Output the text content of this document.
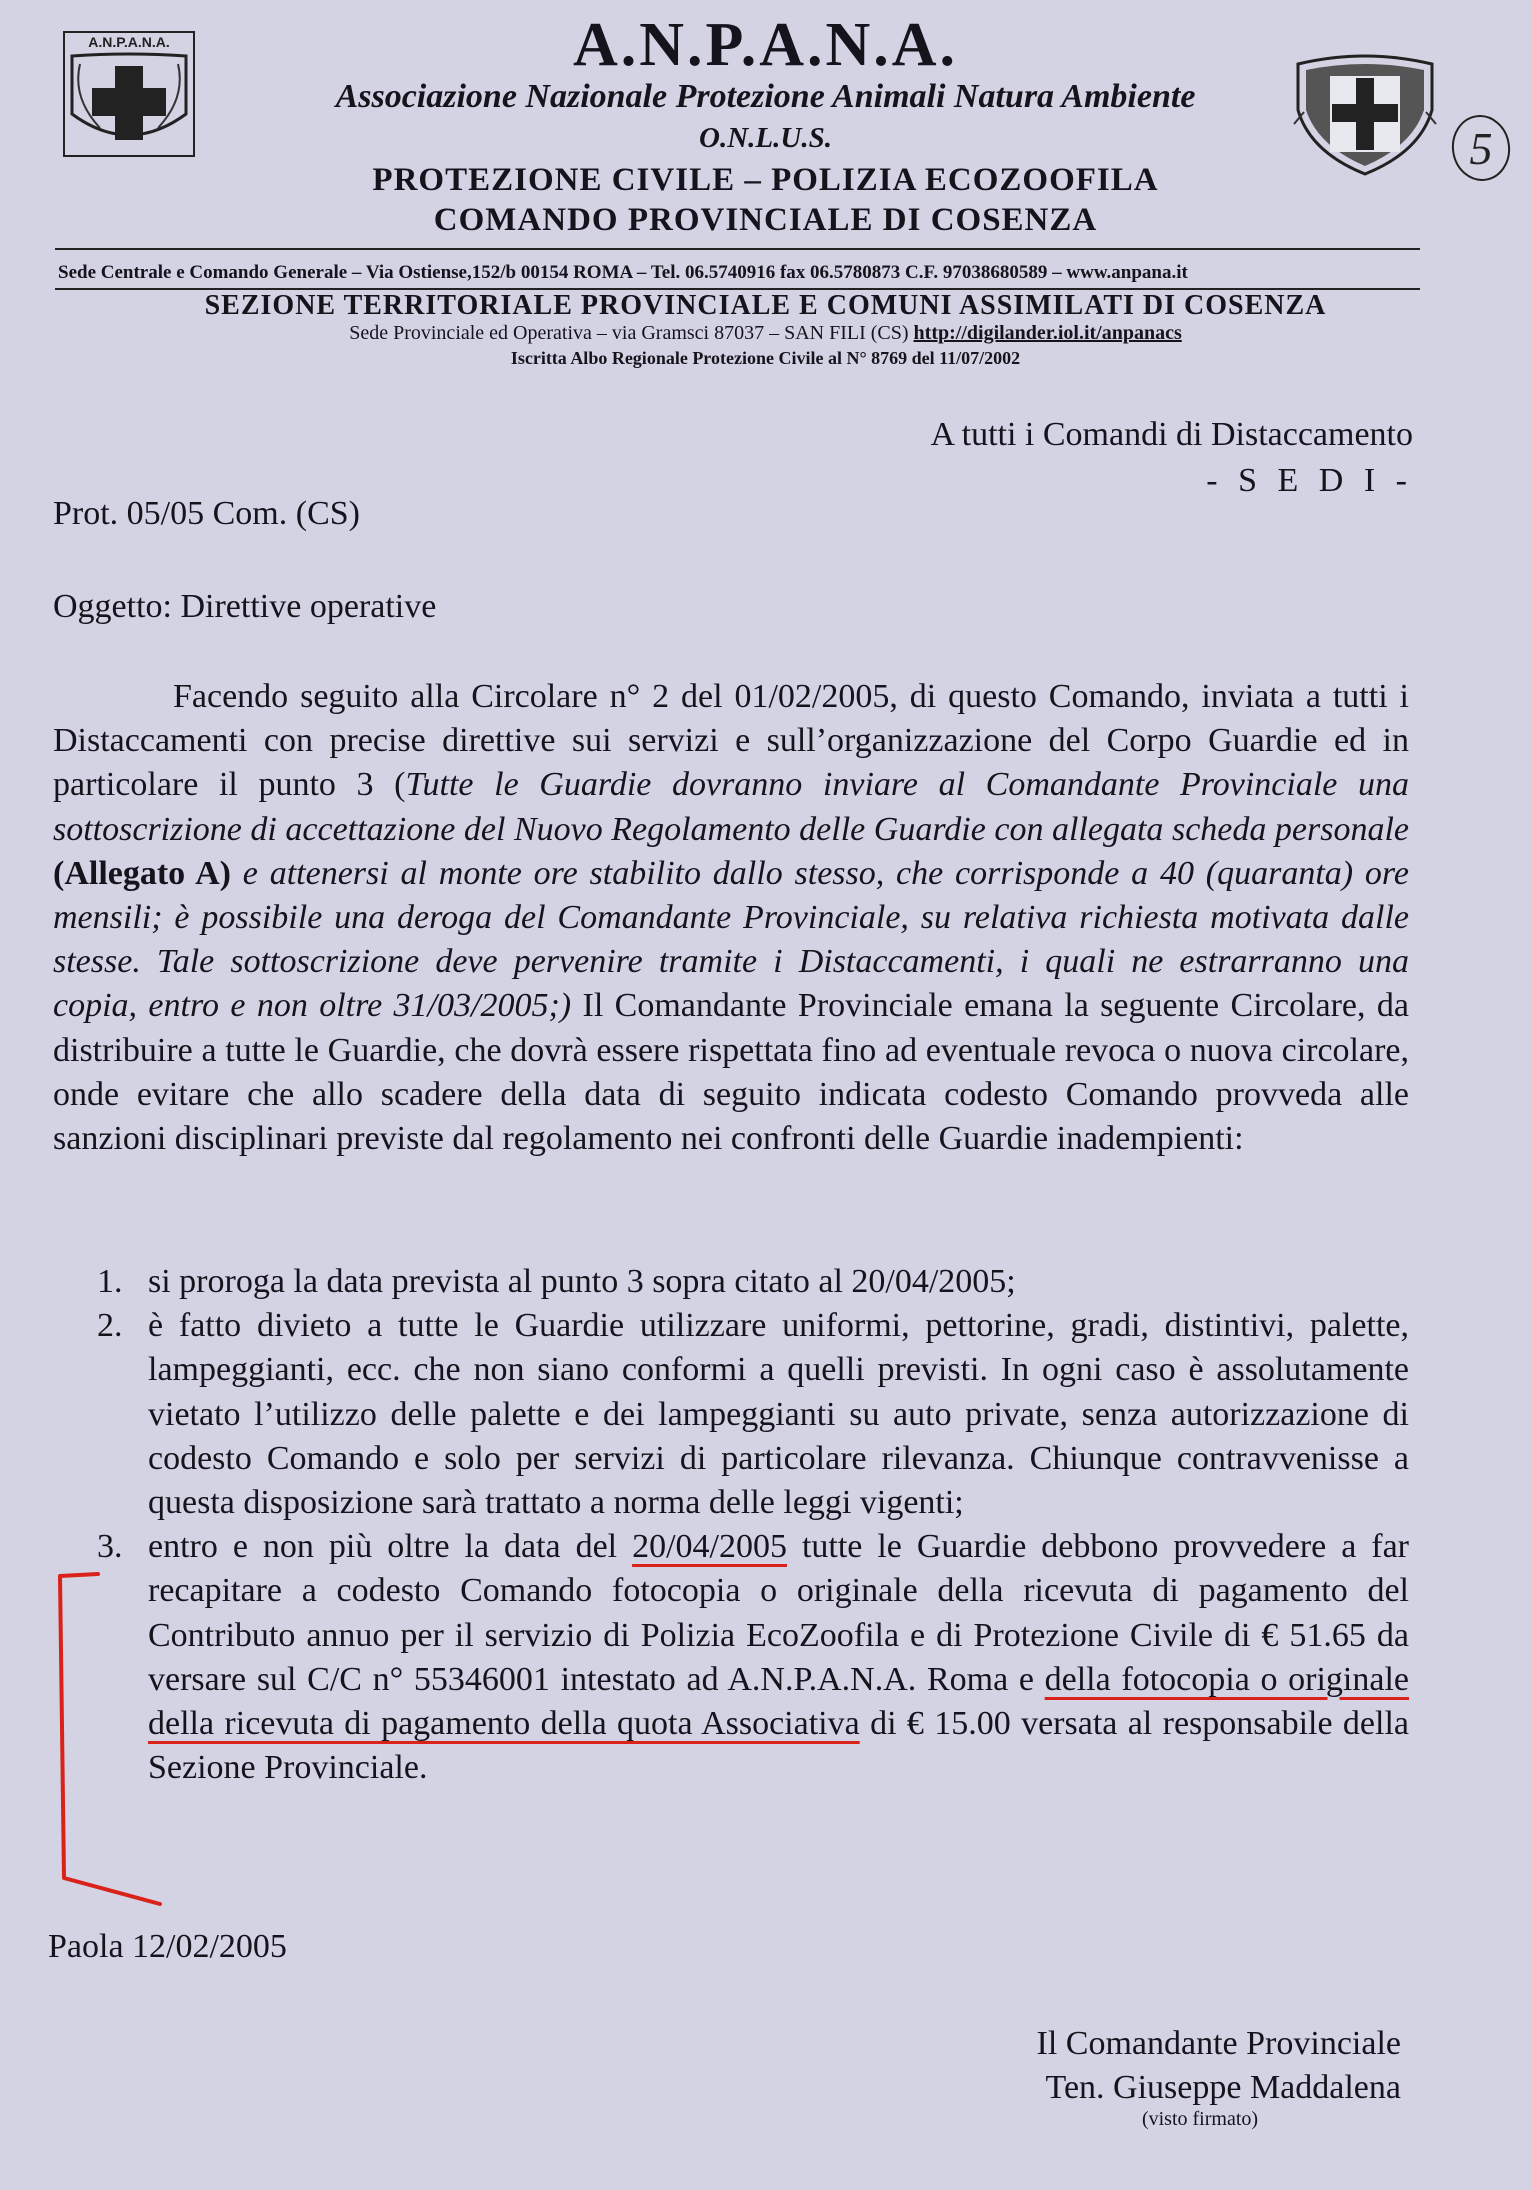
A.N.P.A.N.A.
5
A.N.P.A.N.A.
Associazione Nazionale Protezione Animali Natura Ambiente
O.N.L.U.S.
PROTEZIONE CIVILE – POLIZIA ECOZOOFILA
COMANDO PROVINCIALE DI COSENZA
Sede Centrale e Comando Generale – Via Ostiense,152/b 00154 ROMA – Tel. 06.5740916 fax 06.5780873 C.F. 97038680589 – www.anpana.it
SEZIONE TERRITORIALE PROVINCIALE E COMUNI ASSIMILATI DI COSENZA
Sede Provinciale ed Operativa – via Gramsci 87037 – SAN FILI (CS) http://digilander.iol.it/anpanacs
Iscritta Albo Regionale Protezione Civile al N° 8769 del 11/07/2002
A tutti i Comandi di Distaccamento
- S E D I -
Prot. 05/05 Com. (CS)
Oggetto: Direttive operative
Facendo seguito alla Circolare n° 2 del 01/02/2005, di questo Comando, inviata a tutti i Distaccamenti con precise direttive sui servizi e sull’organizzazione del Corpo Guardie ed in particolare il punto 3 (Tutte le Guardie dovranno inviare al Comandante Provinciale una sottoscrizione di accettazione del Nuovo Regolamento delle Guardie con allegata scheda personale (Allegato A) e attenersi al monte ore stabilito dallo stesso, che corrisponde a 40 (quaranta) ore mensili; è possibile una deroga del Comandante Provinciale, su relativa richiesta motivata dalle stesse. Tale sottoscrizione deve pervenire tramite i Distaccamenti, i quali ne estrarranno una copia, entro e non oltre 31/03/2005;) Il Comandante Provinciale emana la seguente Circolare, da distribuire a tutte le Guardie, che dovrà essere rispettata fino ad eventuale revoca o nuova circolare, onde evitare che allo scadere della data di seguito indicata codesto Comando provveda alle sanzioni disciplinari previste dal regolamento nei confronti delle Guardie inadempienti:
1. si proroga la data prevista al punto 3 sopra citato al 20/04/2005;
2. è fatto divieto a tutte le Guardie utilizzare uniformi, pettorine, gradi, distintivi, palette, lampeggianti, ecc. che non siano conformi a quelli previsti. In ogni caso è assolutamente vietato l’utilizzo delle palette e dei lampeggianti su auto private, senza autorizzazione di codesto Comando e solo per servizi di particolare rilevanza. Chiunque contravvenisse a questa disposizione sarà trattato a norma delle leggi vigenti;
3. entro e non più oltre la data del 20/04/2005 tutte le Guardie debbono provvedere a far recapitare a codesto Comando fotocopia o originale della ricevuta di pagamento del Contributo annuo per il servizio di Polizia EcoZoofila e di Protezione Civile di € 51.65 da versare sul C/C n° 55346001 intestato ad A.N.P.A.N.A. Roma e della fotocopia o originale della ricevuta di pagamento della quota Associativa di € 15.00 versata al responsabile della Sezione Provinciale.
Paola 12/02/2005
Il Comandante Provinciale
Ten. Giuseppe Maddalena
(visto firmato)
